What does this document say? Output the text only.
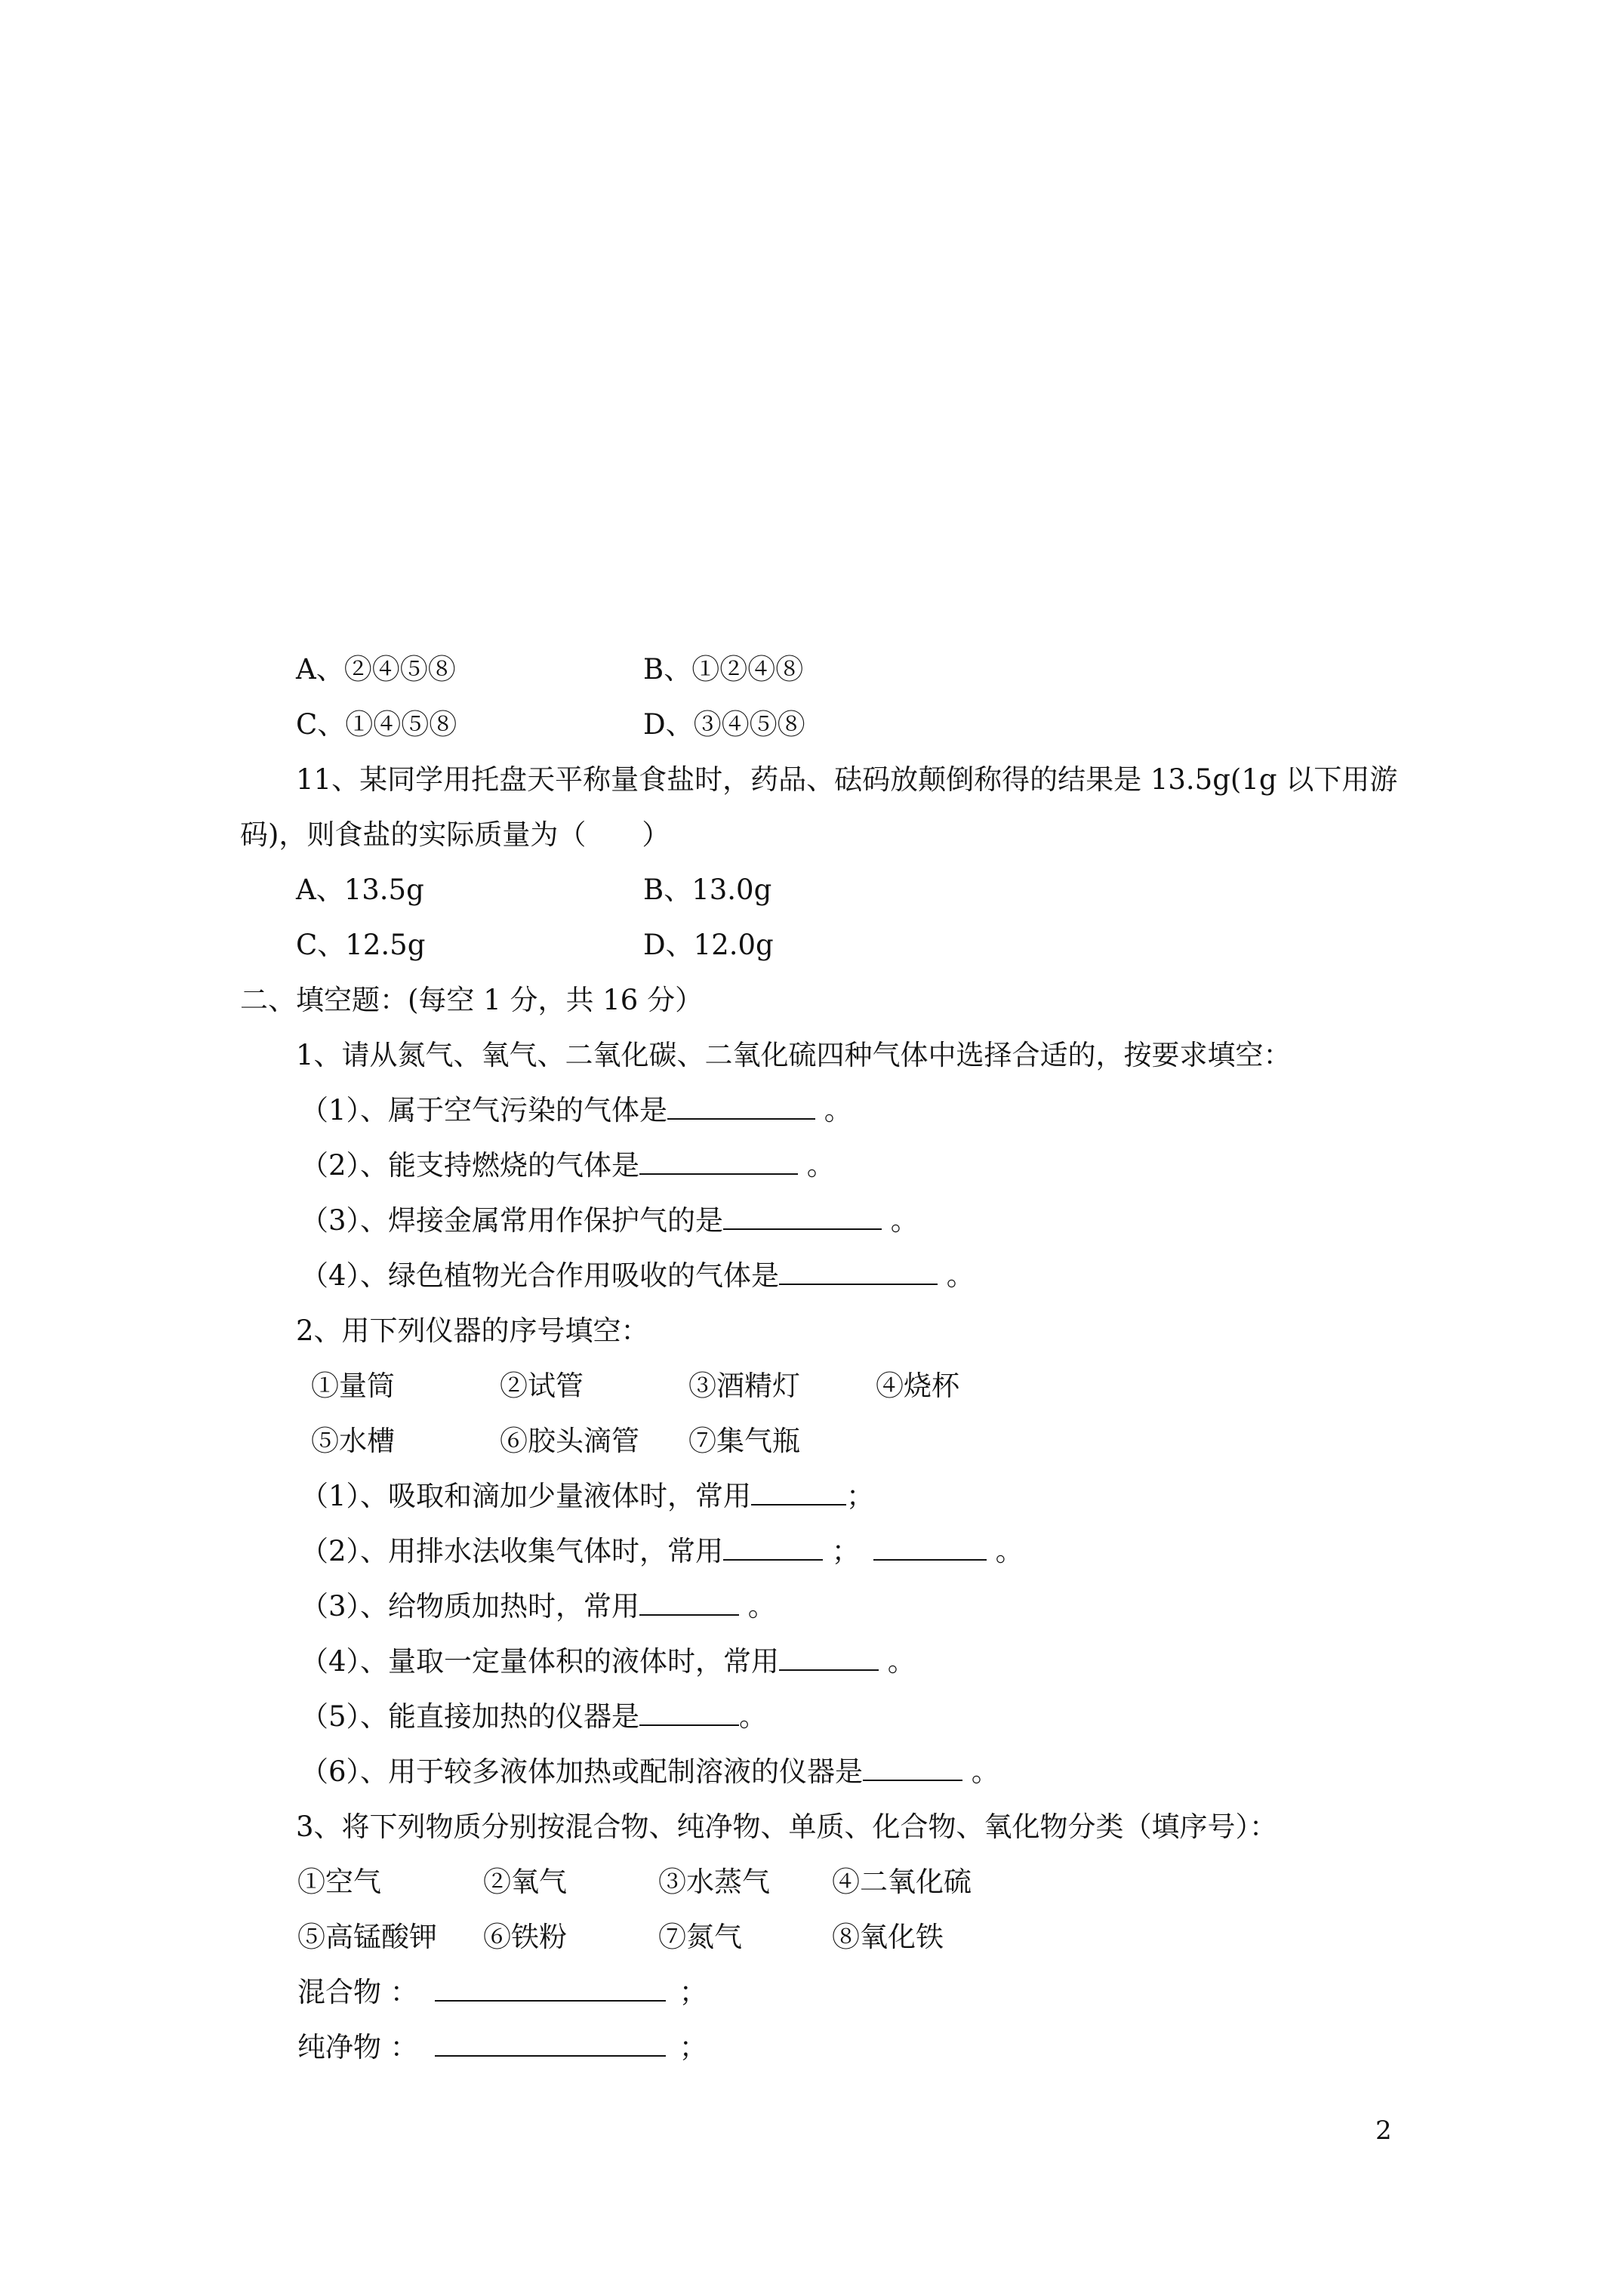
A、②④⑤⑧	B、①②④⑧
C、①④⑤⑧	D、③④⑤⑧
11、某同学用托盘天平称量食盐时，药品、砝码放颠倒称得的结果是 13.5g(1g 以下用游
码)，则食盐的实际质量为（　　）
A、13.5g	B、13.0g
C、12.5g	D、12.0g
二、填空题：(每空 1 分，共 16 分）
1、请从氮气、氧气、二氧化碳、二氧化硫四种气体中选择合适的，按要求填空：
（1）、属于空气污染的气体是	。
（2）、能支持燃烧的气体是	。
（3）、焊接金属常用作保护气的是	。
（4）、绿色植物光合作用吸收的气体是	。
2、用下列仪器的序号填空：
①量筒	②试管	③酒精灯	④烧杯
⑤水槽	⑥胶头滴管 ⑦集气瓶
（1）、吸取和滴加少量液体时，常用	；
（2）、用排水法收集气体时，常用	；	。
（3）、给物质加热时，常用	。
（4）、量取一定量体积的液体时，常用	。
（5）、能直接加热的仪器是	。
（6）、用于较多液体加热或配制溶液的仪器是	。
3、将下列物质分别按混合物、纯净物、单质、化合物、氧化物分类（填序号）：
①空气	②氧气	③水蒸气 ④二氧化硫
⑤高锰酸钾 ⑥铁粉	⑦氮气	⑧氧化铁
混合物 ：	；
纯净物 ：	；
2
